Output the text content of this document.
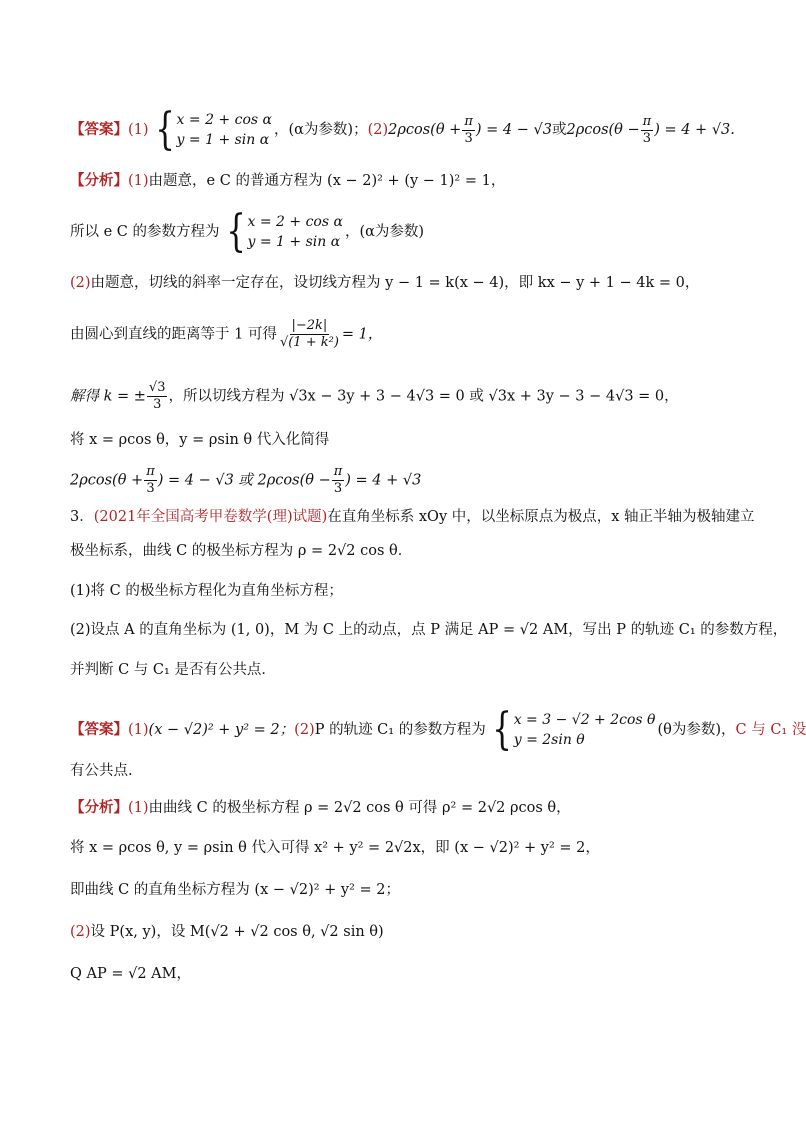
【答案】(1) { x = 2 + cos α
y = 1 + sin α
，(α为参数)；$(2)2\rho\cos(\theta + \frac{\pi}{3}$ ) = 4 − √3或$2\rho\cos(\theta - \frac{\pi}{3}$ ) = 4 + √3.
【分析】(1)由题意，e C 的普通方程为 (x − 2)² + (y − 1)² = 1，
所以 e C 的参数方程为 { x = 2 + cos α
y = 1 + sin α
，(α为参数)
(2)由题意，切线的斜率一定存在，设切线方程为 y − 1 = k(x − 4)，即 kx − y + 1 − 4k = 0，
由圆心到直线的距离等于 1 可得 $\frac{|-2k|}{\text{√(1 + k²)}} = 1$，
解得 k = ± $\frac{√3}{3}$ ，所以切线方程为 √3x − 3y + 3 − 4√3 = 0 或 √3x + 3y − 3 − 4√3 = 0，
将 x = ρcos θ，y = ρsin θ 代入化简得
$2\rho\cos(\theta + \frac{\pi}{3}$ ) = 4 − √3 或 $2\rho\cos(\theta - \frac{\pi}{3}$ ) = 4 + √3
3．(2021年全国高考甲卷数学(理)试题)在直角坐标系 xOy 中，以坐标原点为极点，x 轴正半轴为极轴建立
极坐标系，曲线 C 的极坐标方程为 ρ = 2√2 cos θ．
(1)将 C 的极坐标方程化为直角坐标方程；
(2)设点 A 的直角坐标为 (1, 0)，M 为 C 上的动点，点 P 满足 AP = √2 AM，写出 P 的轨迹 C₁ 的参数方程，
并判断 C 与 C₁ 是否有公共点．
【答案】(1)(x − √2)² + y² = 2；(2)P 的轨迹 C₁ 的参数方程为 { x = 3 − √2 + 2cos θ
y = 2sin θ
(θ为参数)，C 与 C₁ 没
有公共点.
【分析】(1)由曲线 C 的极坐标方程 ρ = 2√2 cos θ 可得 ρ² = 2√2 ρcos θ，
将 x = ρcos θ, y = ρsin θ 代入可得 x² + y² = 2√2x，即 (x − √2)² + y² = 2，
即曲线 C 的直角坐标方程为 (x − √2)² + y² = 2；
(2)设 P(x, y)，设 M(√2 + √2 cos θ, √2 sin θ)
Q AP = √2 AM，
